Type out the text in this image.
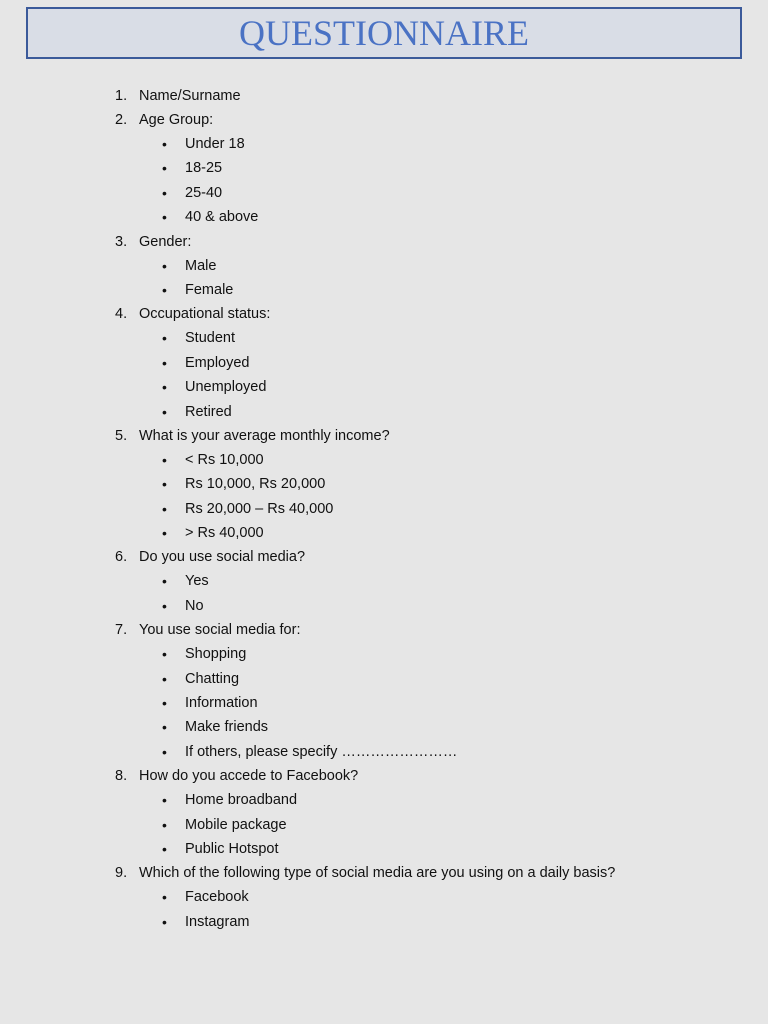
QUESTIONNAIRE
1. Name/Surname
2. Age Group:
• Under 18
• 18-25
• 25-40
• 40 & above
3. Gender:
• Male
• Female
4. Occupational status:
• Student
• Employed
• Unemployed
• Retired
5. What is your average monthly income?
• < Rs 10,000
• Rs 10,000, Rs 20,000
• Rs 20,000 – Rs 40,000
• > Rs 40,000
6. Do you use social media?
• Yes
• No
7. You use social media for:
• Shopping
• Chatting
• Information
• Make friends
• If others, please specify ……………………
8. How do you accede to Facebook?
• Home broadband
• Mobile package
• Public Hotspot
9. Which of the following type of social media are you using on a daily basis?
• Facebook
• Instagram
